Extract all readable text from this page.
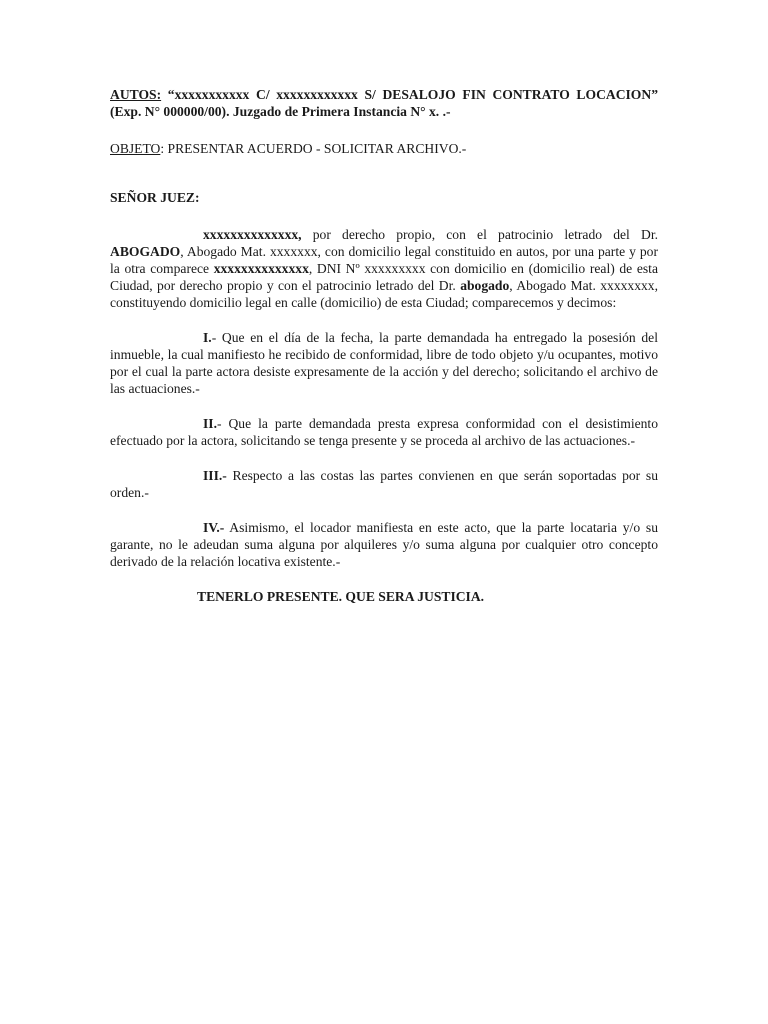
AUTOS: “xxxxxxxxxxx C/ xxxxxxxxxxxx S/ DESALOJO FIN CONTRATO LOCACION” (Exp. N° 000000/00). Juzgado de Primera Instancia N° x. .-

OBJETO: PRESENTAR ACUERDO - SOLICITAR ARCHIVO.-

SEÑOR JUEZ:

xxxxxxxxxxxxxx, por derecho propio, con el patrocinio letrado del Dr. ABOGADO, Abogado Mat. xxxxxxx, con domicilio legal constituido en autos, por una parte y por la otra comparece xxxxxxxxxxxxxx, DNI Nº xxxxxxxxx con domicilio en (domicilio real) de esta Ciudad, por derecho propio y con el patrocinio letrado del Dr. abogado, Abogado Mat. xxxxxxxx, constituyendo domicilio legal en calle (domicilio) de esta Ciudad; comparecemos y decimos:

I.- Que en el día de la fecha, la parte demandada ha entregado la posesión del inmueble, la cual manifiesto he recibido de conformidad, libre de todo objeto y/u ocupantes, motivo por el cual la parte actora desiste expresamente de la acción y del derecho; solicitando el archivo de las actuaciones.-

II.- Que la parte demandada presta expresa conformidad con el desistimiento efectuado por la actora, solicitando se tenga presente y se proceda al archivo de las actuaciones.-

III.- Respecto a las costas las partes convienen en que serán soportadas por su orden.-

IV.- Asimismo, el locador manifiesta en este acto, que la parte locataria y/o su garante, no le adeudan suma alguna por alquileres y/o suma alguna por cualquier otro concepto derivado de la relación locativa existente.-

TENERLO PRESENTE. QUE SERA JUSTICIA.
